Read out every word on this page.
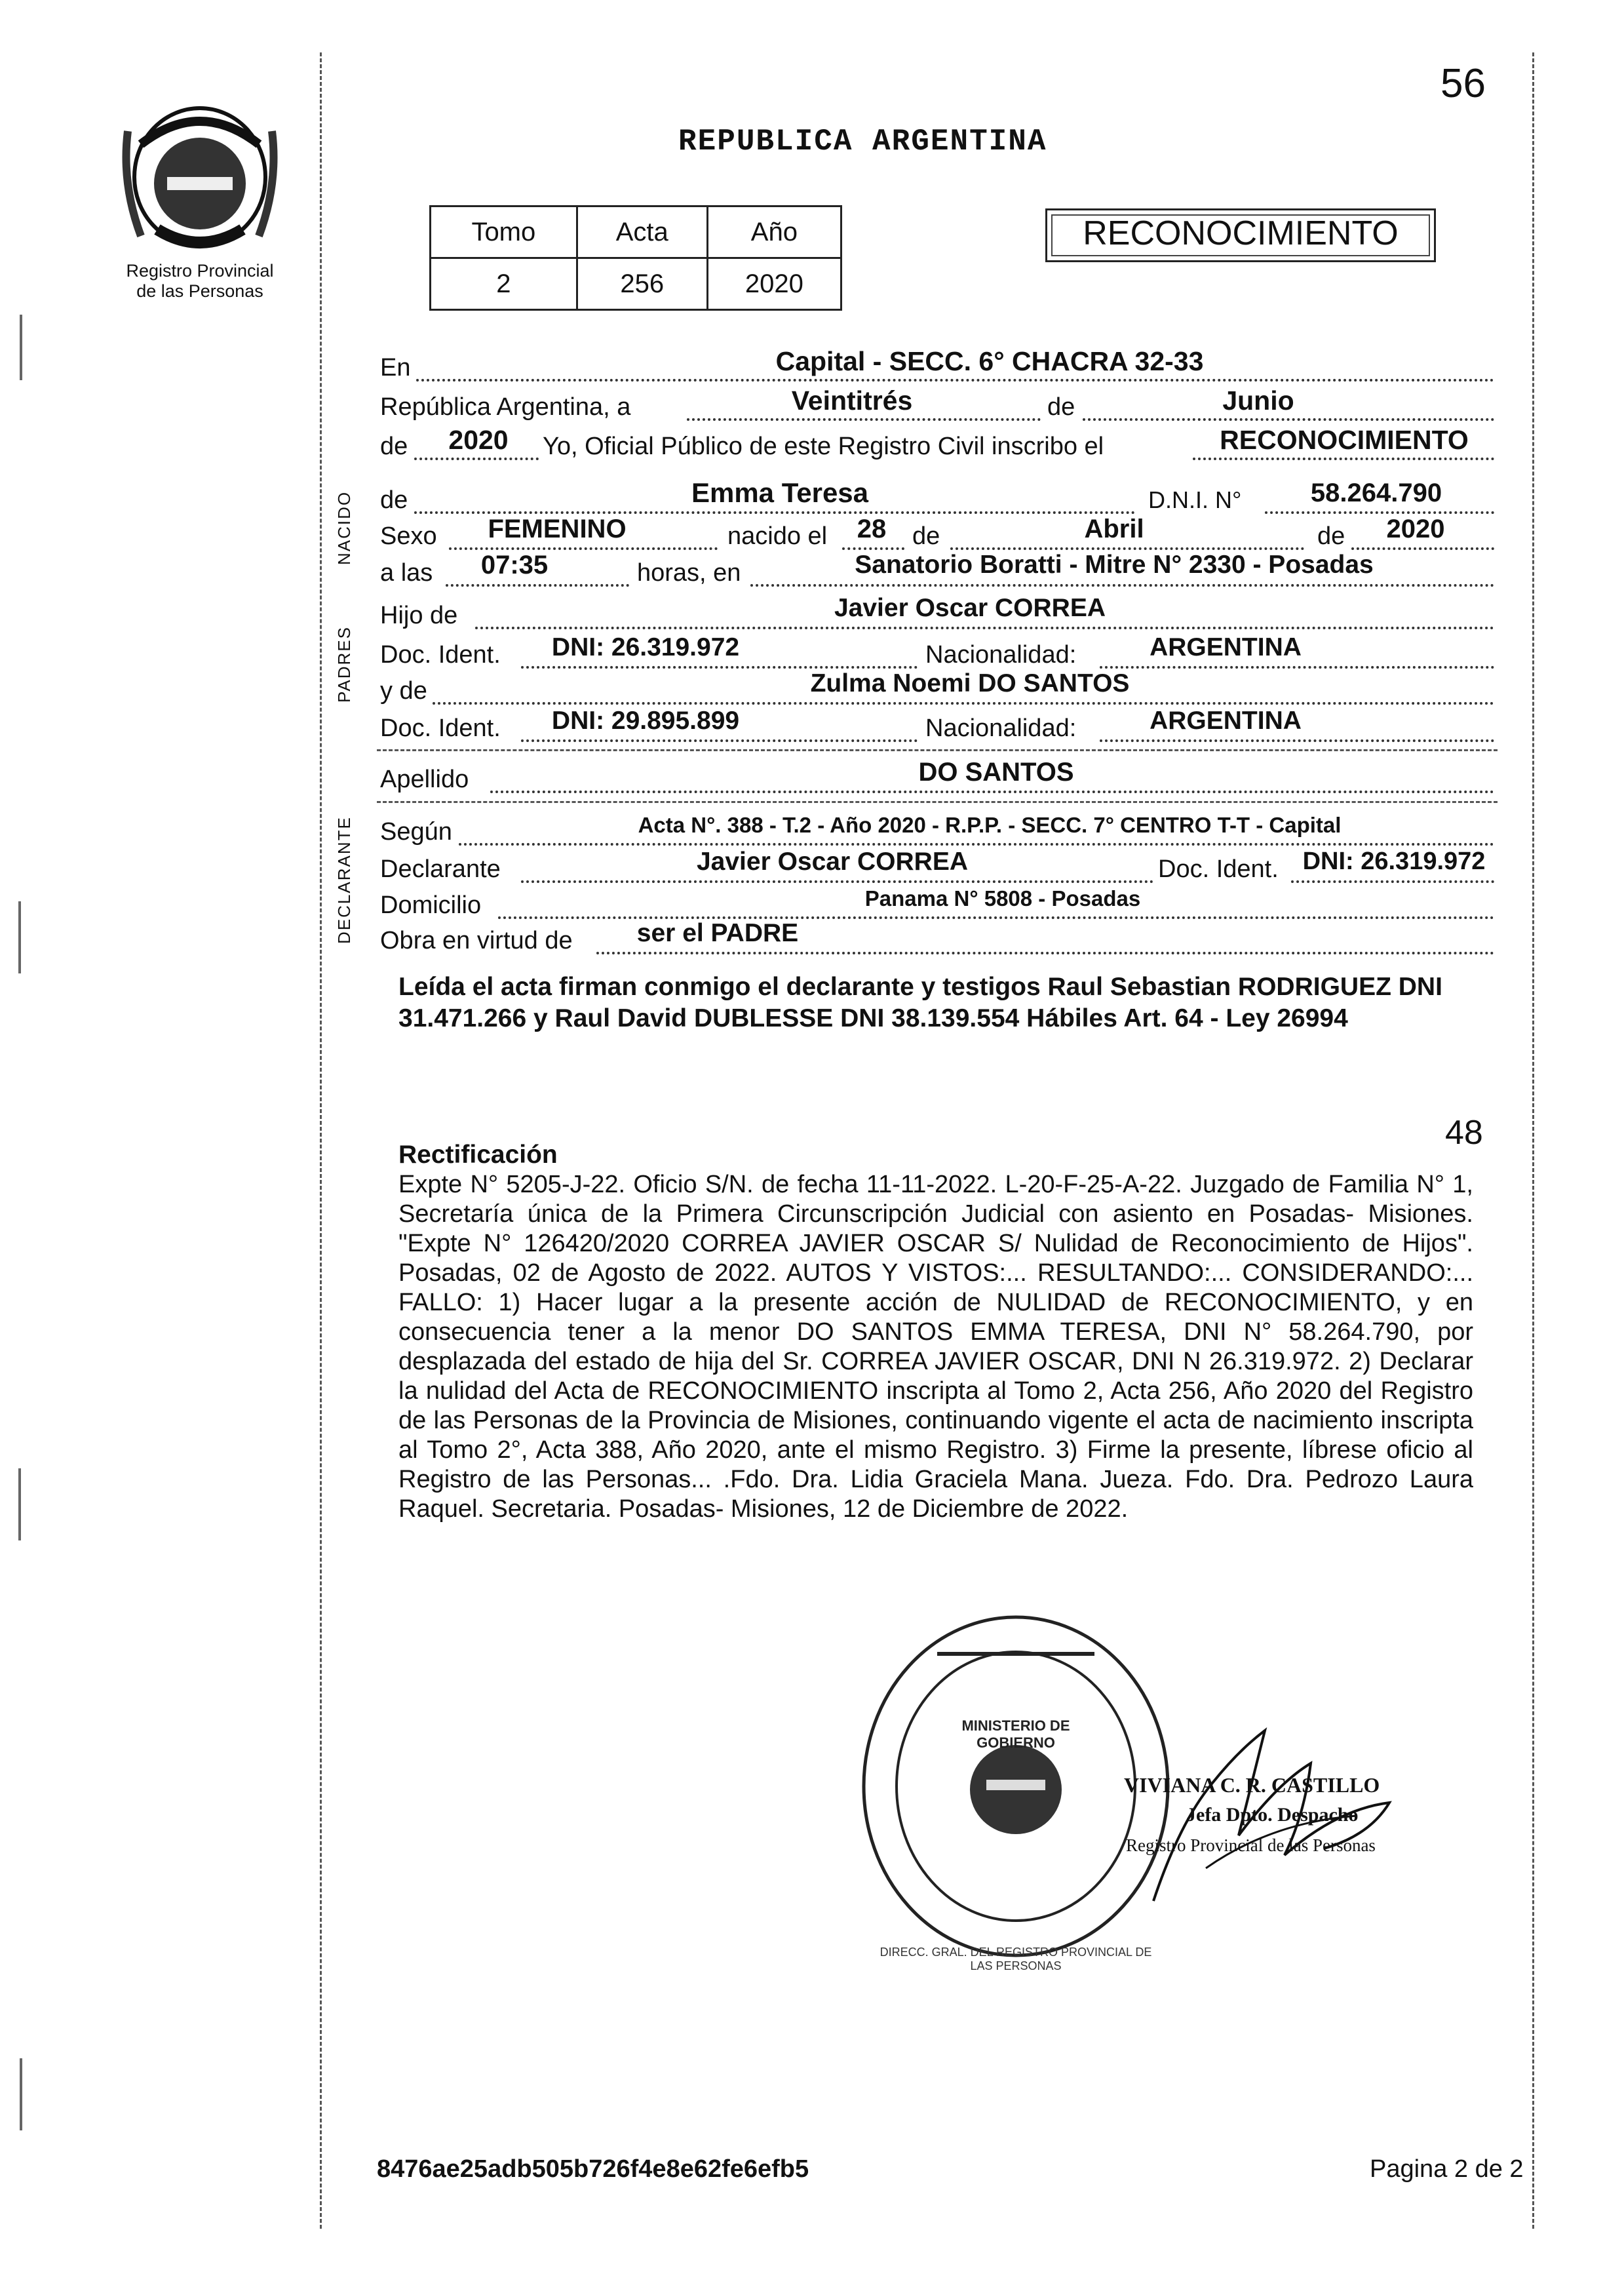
56
Registro Provincial
de las Personas
REPUBLICA ARGENTINA
Tomo	Acta	Año
2	256	2020
RECONOCIMIENTO
NACIDO
PADRES
DECLARANTE
En	Capital - SECC. 6° CHACRA 32-33
República Argentina, a	Veintitrés	de	Junio
de	2020	Yo, Oficial Público de este Registro Civil inscribo el	RECONOCIMIENTO
de	Emma Teresa	D.N.I. N°	58.264.790
Sexo	FEMENINO	nacido el 28 de	Abril	de	2020
a las	07:35	horas, en	Sanatorio Boratti - Mitre N° 2330 - Posadas
Hijo de	Javier Oscar CORREA
Doc. Ident.	DNI: 26.319.972	Nacionalidad:	ARGENTINA
y de	Zulma Noemi DO SANTOS
Doc. Ident.	DNI: 29.895.899	Nacionalidad:	ARGENTINA
Apellido	DO SANTOS
Según	Acta N°. 388 - T.2 - Año 2020 - R.P.P. - SECC. 7° CENTRO T-T - Capital
Declarante	Javier Oscar CORREA	Doc. Ident. DNI: 26.319.972
Domicilio	Panama N° 5808 - Posadas
Obra en virtud de	ser el PADRE
Leída el acta firman conmigo el declarante y testigos Raul Sebastian RODRIGUEZ DNI 31.471.266 y Raul David DUBLESSE DNI 38.139.554 Hábiles Art. 64 - Ley 26994
48
Rectificación
Expte N° 5205-J-22. Oficio S/N. de fecha 11-11-2022. L-20-F-25-A-22. Juzgado de Familia N° 1, Secretaría única de la Primera Circunscripción Judicial con asiento en Posadas- Misiones. "Expte N° 126420/2020 CORREA JAVIER OSCAR S/ Nulidad de Reconocimiento de Hijos". Posadas, 02 de Agosto de 2022. AUTOS Y VISTOS:... RESULTANDO:... CONSIDERANDO:... FALLO: 1) Hacer lugar a la presente acción de NULIDAD de RECONOCIMIENTO, y en consecuencia tener a la menor DO SANTOS EMMA TERESA, DNI N° 58.264.790, por desplazada del estado de hija del Sr. CORREA JAVIER OSCAR, DNI N 26.319.972. 2) Declarar la nulidad del Acta de RECONOCIMIENTO inscripta al Tomo 2, Acta 256, Año 2020 del Registro de las Personas de la Provincia de Misiones, continuando vigente el acta de nacimiento inscripta al Tomo 2°, Acta 388, Año 2020, ante el mismo Registro. 3) Firme la presente, líbrese oficio al Registro de las Personas... .Fdo. Dra. Lidia Graciela Mana. Jueza. Fdo. Dra. Pedrozo Laura Raquel. Secretaria. Posadas- Misiones, 12 de Diciembre de 2022.
DIRECC. GRAL. DEL REGISTRO PROVINCIAL DE LAS PERSONAS
MINISTERIO DE GOBIERNO
VIVIANA C. R. CASTILLO
Jefa Dpto. Despacho
Registro Provincial de las Personas
8476ae25adb505b726f4e8e62fe6efb5	Pagina 2 de 2
